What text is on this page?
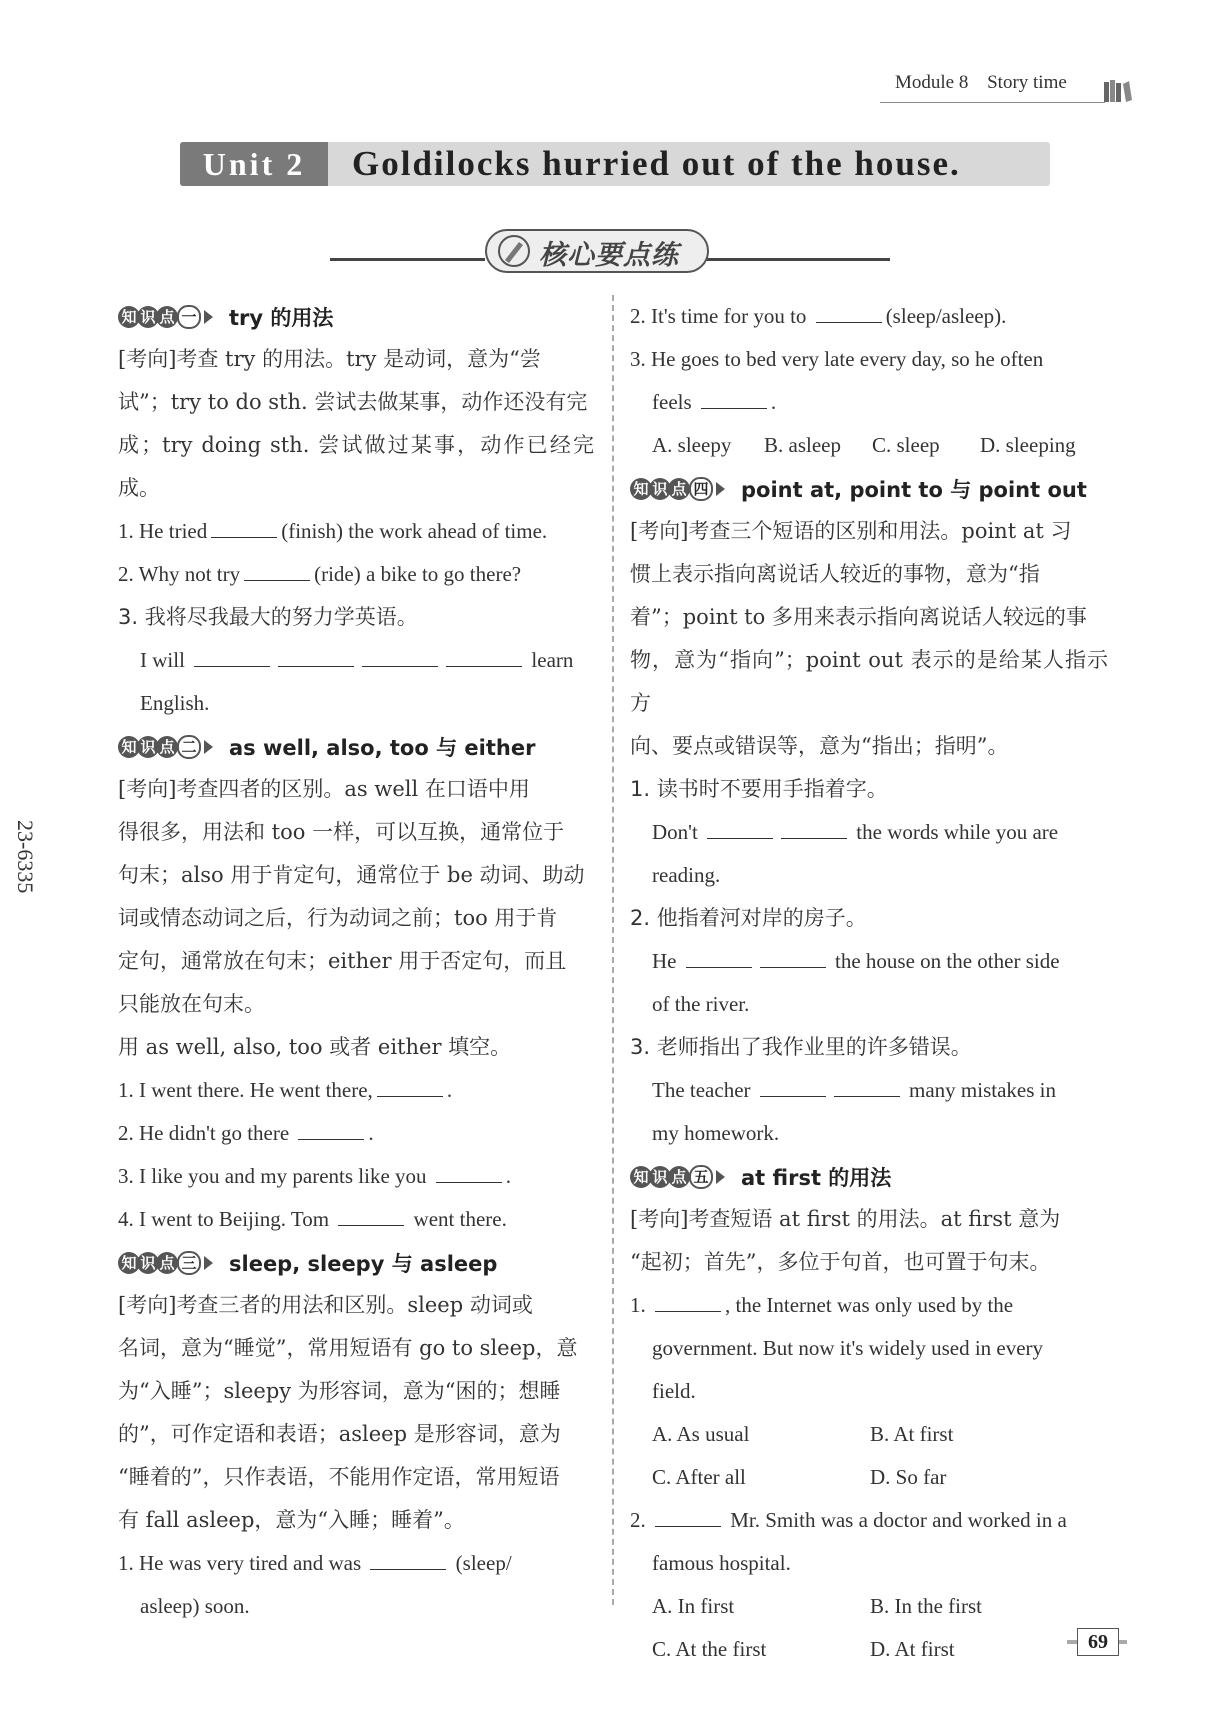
Module 8 Story time
Unit 2	Goldilocks hurried out of the house.
核心要点练
23-6335
知 识 点 一 try 的用法
[考向]考查 try 的用法。try 是动词，意为“尝
试”；try to do sth. 尝试去做某事，动作还没有完
成；try doing sth. 尝试做过某事，动作已经完成。
1. He tried	(finish) the work ahead of time.
2. Why not try	(ride) a bike to go there?
3. 我将尽我最大的努力学英语。
I will	learn
English.
知 识 点 二 as well, also, too 与 either
[考向]考查四者的区别。as well 在口语中用
得很多，用法和 too 一样，可以互换，通常位于
句末；also 用于肯定句，通常位于 be 动词、助动
词或情态动词之后，行为动词之前；too 用于肯
定句，通常放在句末；either 用于否定句，而且
只能放在句末。
用 as well, also, too 或者 either 填空。
1. I went there. He went there,	.
2. He didn't go there	.
3. I like you and my parents like you	.
4. I went to Beijing. Tom	went there.
知 识 点 三 sleep, sleepy 与 asleep
[考向]考查三者的用法和区别。sleep 动词或
名词，意为“睡觉”，常用短语有 go to sleep，意
为“入睡”；sleepy 为形容词，意为“困的；想睡
的”，可作定语和表语；asleep 是形容词，意为
“睡着的”，只作表语，不能用作定语，常用短语
有 fall asleep，意为“入睡；睡着”。
1. He was very tired and was	(sleep/
asleep) soon.
2. It's time for you to	(sleep/asleep).
3. He goes to bed very late every day, so he often
feels	.
A. sleepy	B. asleep	C. sleep	D. sleeping
知 识 点 四 point at, point to 与 point out
[考向]考查三个短语的区别和用法。point at 习
惯上表示指向离说话人较近的事物，意为“指
着”；point to 多用来表示指向离说话人较远的事
物，意为“指向”；point out 表示的是给某人指示方
向、要点或错误等，意为“指出；指明”。
1. 读书时不要用手指着字。
Don't	the words while you are
reading.
2. 他指着河对岸的房子。
He	the house on the other side
of the river.
3. 老师指出了我作业里的许多错误。
The teacher	many mistakes in
my homework.
知 识 点 五 at first 的用法
[考向]考查短语 at first 的用法。at first 意为
“起初；首先”，多位于句首，也可置于句末。
1.	, the Internet was only used by the
government. But now it's widely used in every
field.
A. As usual	B. At first
C. After all	D. So far
2.	Mr. Smith was a doctor and worked in a
famous hospital.
A. In first	B. In the first
C. At the first	D. At first	69
